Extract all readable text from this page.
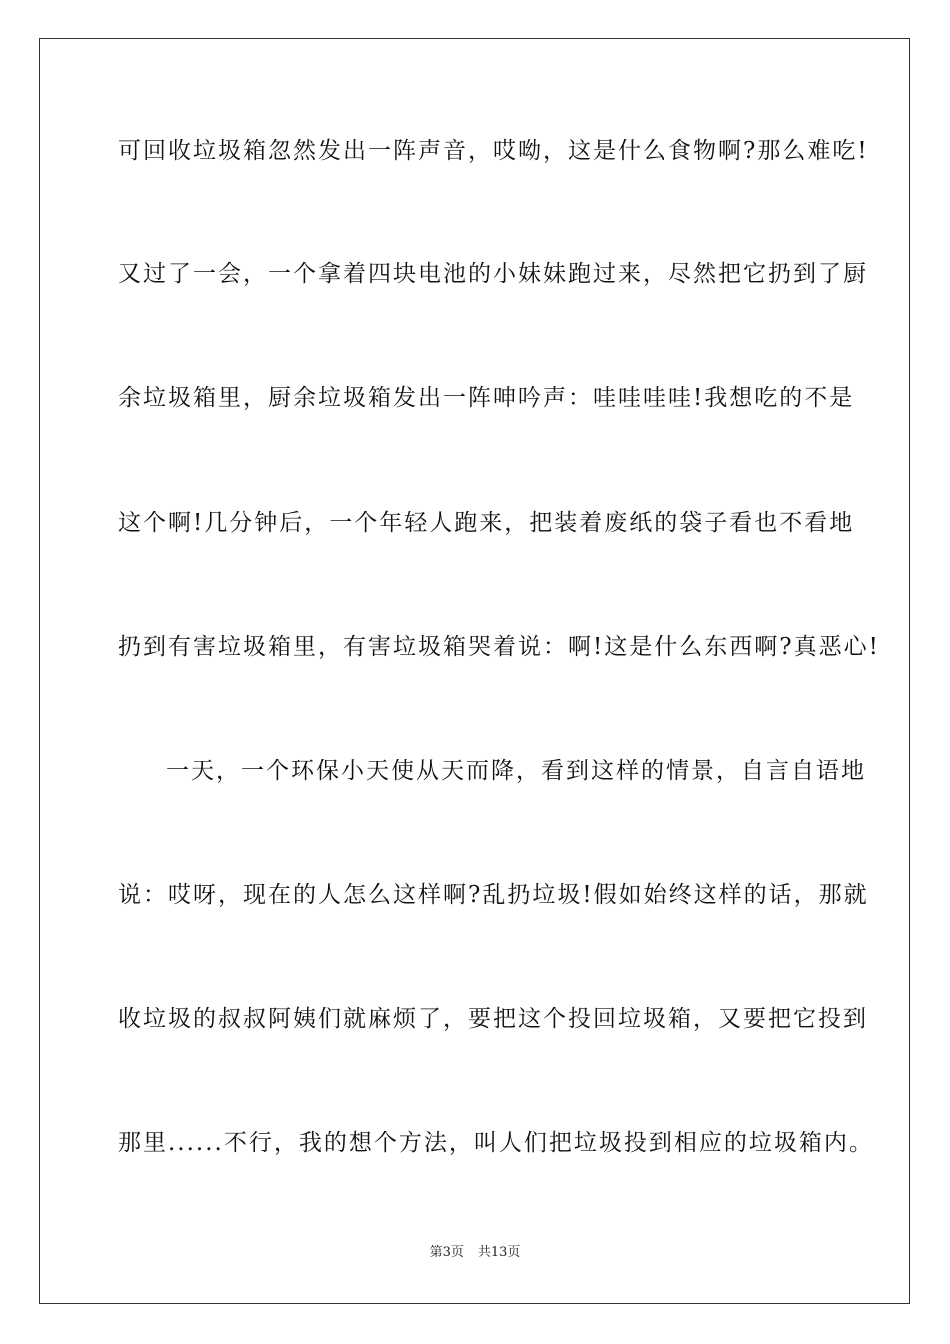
可回收垃圾箱忽然发出一阵声音，哎呦，这是什么食物啊?那么难吃!
又过了一会，一个拿着四块电池的小妹妹跑过来，尽然把它扔到了厨
余垃圾箱里，厨余垃圾箱发出一阵呻吟声：哇哇哇哇!我想吃的不是
这个啊!几分钟后，一个年轻人跑来，把装着废纸的袋子看也不看地
扔到有害垃圾箱里，有害垃圾箱哭着说：啊!这是什么东西啊?真恶心!
一天，一个环保小天使从天而降，看到这样的情景，自言自语地
说：哎呀，现在的人怎么这样啊?乱扔垃圾!假如始终这样的话，那就
收垃圾的叔叔阿姨们就麻烦了，要把这个投回垃圾箱，又要把它投到
那里......不行，我的想个方法，叫人们把垃圾投到相应的垃圾箱内。
第3页 共13页
